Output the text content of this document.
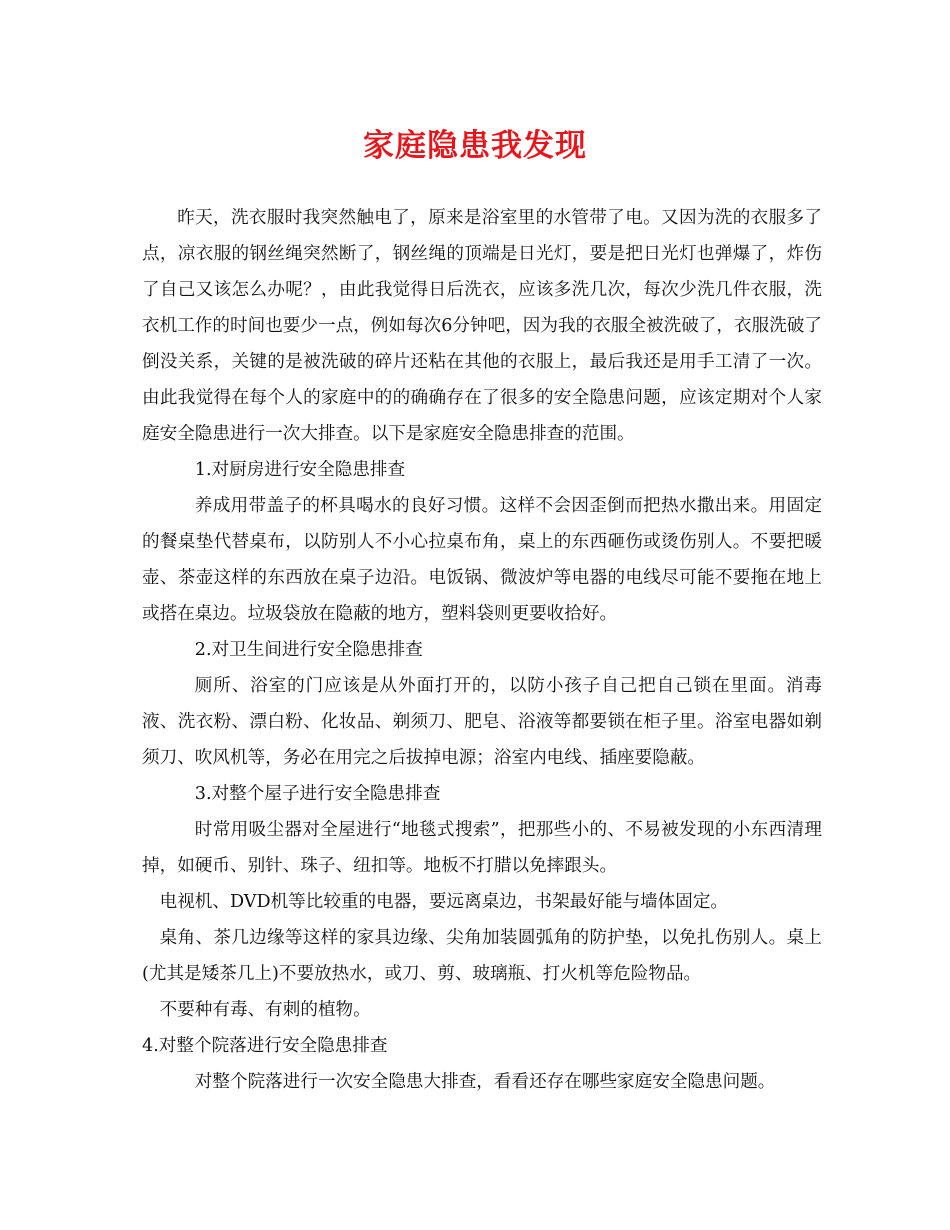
家庭隐患我发现

昨天，洗衣服时我突然触电了，原来是浴室里的水管带了电。又因为洗的衣服多了点，凉衣服的钢丝绳突然断了，钢丝绳的顶端是日光灯，要是把日光灯也弹爆了，炸伤了自己又该怎么办呢？，由此我觉得日后洗衣，应该多洗几次，每次少洗几件衣服，洗衣机工作的时间也要少一点，例如每次6分钟吧，因为我的衣服全被洗破了，衣服洗破了倒没关系，关键的是被洗破的碎片还粘在其他的衣服上，最后我还是用手工清了一次。由此我觉得在每个人的家庭中的的确确存在了很多的安全隐患问题，应该定期对个人家庭安全隐患进行一次大排查。以下是家庭安全隐患排查的范围。

1.对厨房进行安全隐患排查

养成用带盖子的杯具喝水的良好习惯。这样不会因歪倒而把热水撒出来。用固定的餐桌垫代替桌布，以防别人不小心拉桌布角，桌上的东西砸伤或烫伤别人。不要把暖壶、茶壶这样的东西放在桌子边沿。电饭锅、微波炉等电器的电线尽可能不要拖在地上或搭在桌边。垃圾袋放在隐蔽的地方，塑料袋则更要收拾好。

2.对卫生间进行安全隐患排查

厕所、浴室的门应该是从外面打开的，以防小孩子自己把自己锁在里面。消毒液、洗衣粉、漂白粉、化妆品、剃须刀、肥皂、浴液等都要锁在柜子里。浴室电器如剃须刀、吹风机等，务必在用完之后拔掉电源；浴室内电线、插座要隐蔽。

3.对整个屋子进行安全隐患排查

时常用吸尘器对全屋进行“地毯式搜索”，把那些小的、不易被发现的小东西清理掉，如硬币、别针、珠子、纽扣等。地板不打腊以免摔跟头。

电视机、DVD机等比较重的电器，要远离桌边，书架最好能与墙体固定。

桌角、茶几边缘等这样的家具边缘、尖角加装圆弧角的防护垫，以免扎伤别人。桌上(尤其是矮茶几上)不要放热水，或刀、剪、玻璃瓶、打火机等危险物品。

不要种有毒、有刺的植物。

4.对整个院落进行安全隐患排查

对整个院落进行一次安全隐患大排查，看看还存在哪些家庭安全隐患问题。
